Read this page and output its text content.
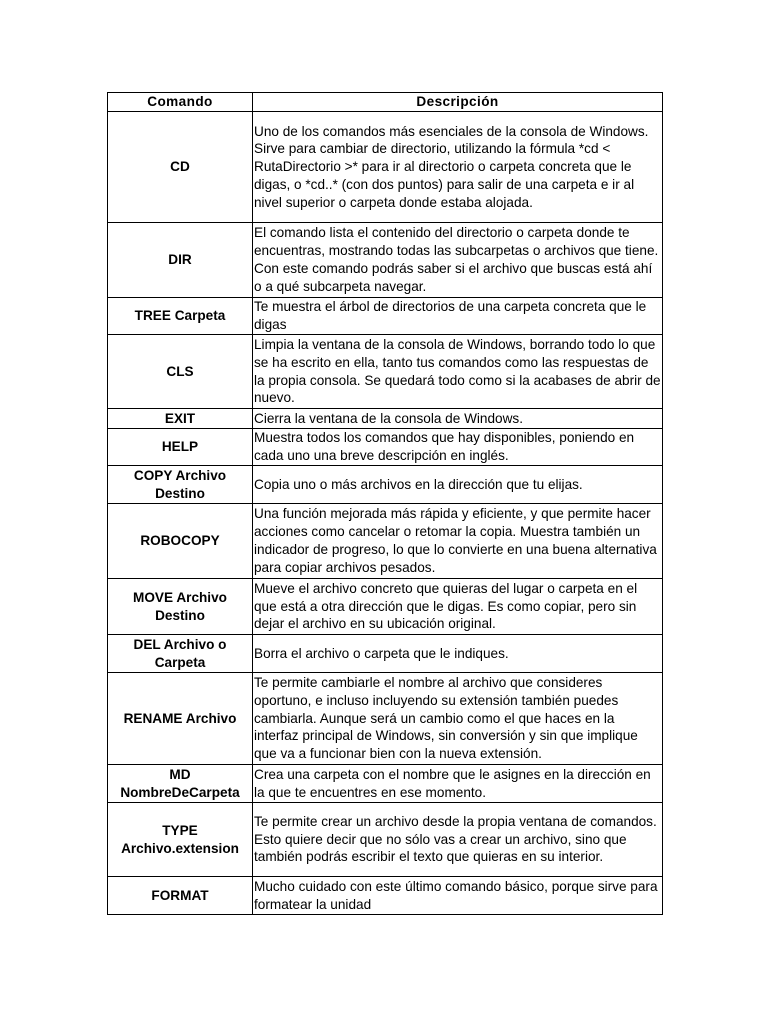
Comando	Descripción
CD	Uno de los comandos más esenciales de la consola de Windows. Sirve para cambiar de directorio, utilizando la fórmula *cd < RutaDirectorio >* para ir al directorio o carpeta concreta que le digas, o *cd..* (con dos puntos) para salir de una carpeta e ir al nivel superior o carpeta donde estaba alojada.
DIR	El comando lista el contenido del directorio o carpeta donde te encuentras, mostrando todas las subcarpetas o archivos que tiene. Con este comando podrás saber si el archivo que buscas está ahí o a qué subcarpeta navegar.
TREE Carpeta	Te muestra el árbol de directorios de una carpeta concreta que le digas
CLS	Limpia la ventana de la consola de Windows, borrando todo lo que se ha escrito en ella, tanto tus comandos como las respuestas de la propia consola. Se quedará todo como si la acabases de abrir de nuevo.
EXIT	Cierra la ventana de la consola de Windows.
HELP	Muestra todos los comandos que hay disponibles, poniendo en cada uno una breve descripción en inglés.
COPY Archivo Destino	Copia uno o más archivos en la dirección que tu elijas.
ROBOCOPY	Una función mejorada más rápida y eficiente, y que permite hacer acciones como cancelar o retomar la copia. Muestra también un indicador de progreso, lo que lo convierte en una buena alternativa para copiar archivos pesados.
MOVE Archivo Destino	Mueve el archivo concreto que quieras del lugar o carpeta en el que está a otra dirección que le digas. Es como copiar, pero sin dejar el archivo en su ubicación original.
DEL Archivo o Carpeta	Borra el archivo o carpeta que le indiques.
RENAME Archivo	Te permite cambiarle el nombre al archivo que consideres oportuno, e incluso incluyendo su extensión también puedes cambiarla. Aunque será un cambio como el que haces en la interfaz principal de Windows, sin conversión y sin que implique que va a funcionar bien con la nueva extensión.
MD NombreDeCarpeta	Crea una carpeta con el nombre que le asignes en la dirección en la que te encuentres en ese momento.
TYPE Archivo.extension	Te permite crear un archivo desde la propia ventana de comandos. Esto quiere decir que no sólo vas a crear un archivo, sino que también podrás escribir el texto que quieras en su interior.
FORMAT	Mucho cuidado con este último comando básico, porque sirve para formatear la unidad
